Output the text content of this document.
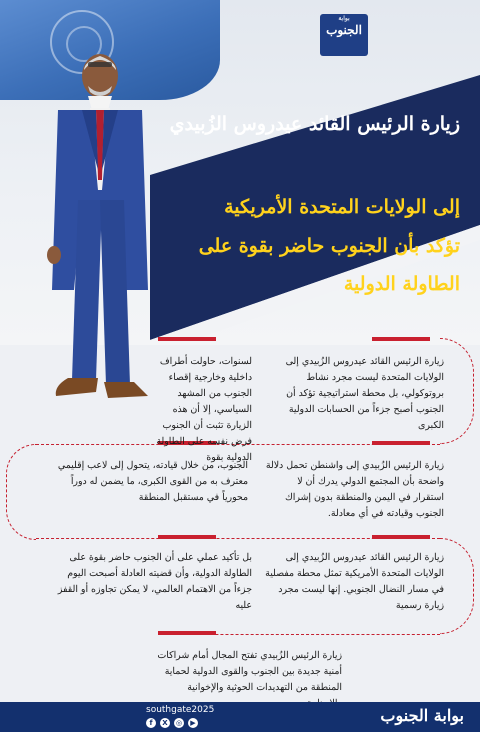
بوابة
الجنوب
زيارة الرئيس القائد عيدروس الزُبيدي
إلى الولايات المتحدة الأمريكية
تؤكد بأن الجنوب حاضر بقوة على
الطاولة الدولية

زيارة الرئيس القائد عيدروس الزُبيدي إلى الولايات المتحدة ليست مجرد نشاط بروتوكولي، بل محطة استراتيجية تؤكد أن الجنوب أصبح جزءاً من الحسابات الدولية الكبرى

لسنوات، حاولت أطراف داخلية وخارجية إقصاء الجنوب من المشهد السياسي، إلا أن هذه الزيارة تثبت أن الجنوب فرض نفسه على الطاولة الدولية بقوة

زيارة الرئيس الزُبيدي إلى واشنطن تحمل دلالة واضحة بأن المجتمع الدولي يدرك أن لا استقرار في اليمن والمنطقة بدون إشراك الجنوب وقيادته في أي معادلة.

الجنوب، من خلال قيادته، يتحول إلى لاعب إقليمي معترف به من القوى الكبرى، ما يضمن له دوراً محورياً في مستقبل المنطقة

زيارة الرئيس القائد عيدروس الزُبيدي إلى الولايات المتحدة الأمريكية تمثل محطة مفصلية في مسار النضال الجنوبي. إنها ليست مجرد زيارة رسمية

بل تأكيد عملي على أن الجنوب حاضر بقوة على الطاولة الدولية، وأن قضيته العادلة أصبحت اليوم جزءاً من الاهتمام العالمي، لا يمكن تجاوزه أو القفز عليه

زيارة الرئيس الزُبيدي تفتح المجال أمام شراكات أمنية جديدة بين الجنوب والقوى الدولية لحماية المنطقة من التهديدات الحوثية والإخوانية

بوابة الجنوب
southgate2025
f	X	◎	▶
